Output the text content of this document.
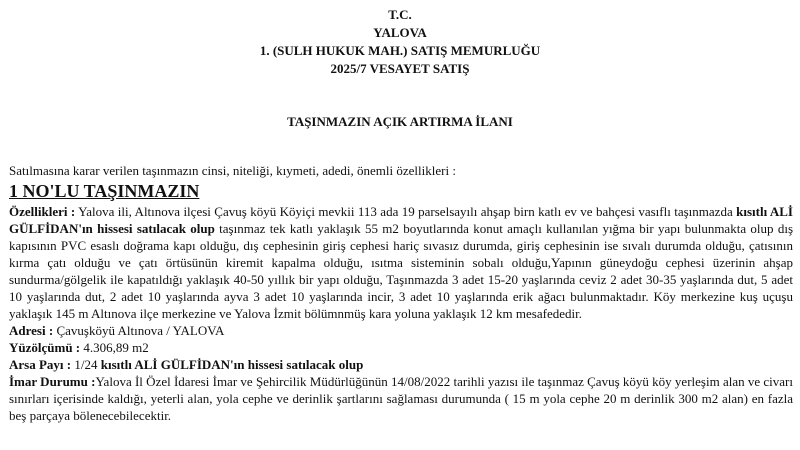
T.C.
YALOVA
1. (SULH HUKUK MAH.) SATIŞ MEMURLUĞU
2025/7 VESAYET SATIŞ
TAŞINMAZIN AÇIK ARTIRMA İLANI
Satılmasına karar verilen taşınmazın cinsi, niteliği, kıymeti, adedi, önemli özellikleri :
1 NO'LU TAŞINMAZIN
Özellikleri : Yalova ili, Altınova ilçesi Çavuş köyü Köyiçi mevkii 113 ada 19 parselsayılı ahşap birn katlı ev ve bahçesi vasıflı taşınmazda kısıtlı ALİ GÜLFİDAN'ın hissesi satılacak olup taşınmaz tek katlı yaklaşık 55 m2 boyutlarında konut amaçlı kullanılan yığma bir yapı bulunmakta olup dış kapısının PVC esaslı doğrama kapı olduğu, dış cephesinin giriş cephesi hariç sıvasız durumda, giriş cephesinin ise sıvalı durumda olduğu, çatısının kırma çatı olduğu ve çatı örtüsünün kiremit kapalma olduğu, ısıtma sisteminin sobalı olduğu,Yapının güneydoğu cephesi üzerinin ahşap sundurma/gölgelik ile kapatıldığı yaklaşık 40-50 yıllık bir yapı olduğu, Taşınmazda 3 adet 15-20 yaşlarında ceviz 2 adet 30-35 yaşlarında dut, 5 adet 10 yaşlarında dut, 2 adet 10 yaşlarında ayva 3 adet 10 yaşlarında incir, 3 adet 10 yaşlarında erik ağacı bulunmaktadır. Köy merkezine kuş uçuşu yaklaşık 145 m Altınova ilçe merkezine ve Yalova İzmit bölümnmüş kara yoluna yaklaşık 12 km mesafededir.
Adresi : Çavuşköyü Altınova / YALOVA
Yüzölçümü : 4.306,89 m2
Arsa Payı : 1/24 kısıtlı ALİ GÜLFİDAN'ın hissesi satılacak olup
İmar Durumu :Yalova İl Özel İdaresi İmar ve Şehircilik Müdürlüğünün 14/08/2022 tarihli yazısı ile taşınmaz Çavuş köyü köy yerleşim alan ve civarı sınırları içerisinde kaldığı, yeterli alan, yola cephe ve derinlik şartlarını sağlaması durumunda ( 15 m yola cephe 20 m derinlik 300 m2 alan) en fazla beş parçaya bölenecebilecektir.
